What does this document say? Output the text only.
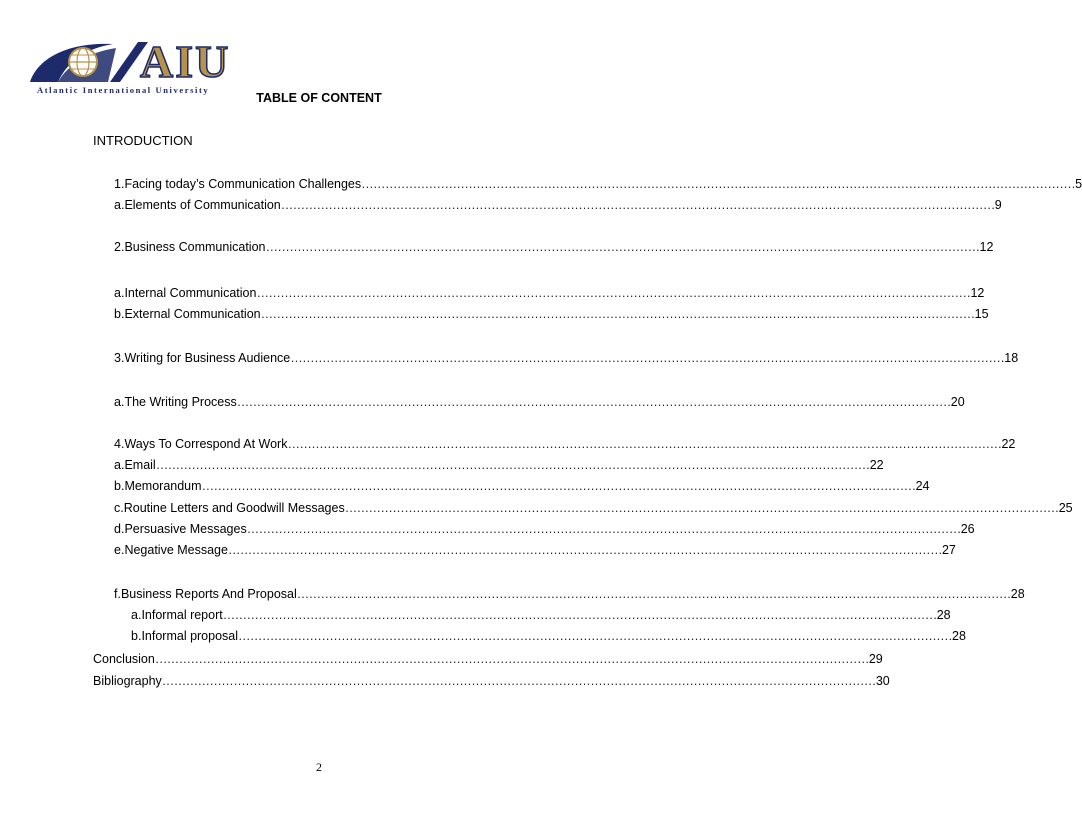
AIU
Atlantic International University
TABLE OF CONTENT
INTRODUCTION
1. Facing today’s Communication Challenges ……………………………………………………………………………………………………………………………………………………………… 5
a. Elements of Communication ……………………………………………………………………………………………………………………………………………………………… 9
2. Business Communication ……………………………………………………………………………………………………………………………………………………………… 12
a. Internal Communication ……………………………………………………………………………………………………………………………………………………………… 12
b. External Communication ……………………………………………………………………………………………………………………………………………………………… 15
3. Writing for Business Audience ……………………………………………………………………………………………………………………………………………………………… 18
a. The Writing Process ……………………………………………………………………………………………………………………………………………………………… 20
4. Ways To Correspond At Work ……………………………………………………………………………………………………………………………………………………………… 22
a. Email ……………………………………………………………………………………………………………………………………………………………… 22
b. Memorandum ……………………………………………………………………………………………………………………………………………………………… 24
c. Routine Letters and Goodwill Messages ……………………………………………………………………………………………………………………………………………………………… 25
d. Persuasive Messages ……………………………………………………………………………………………………………………………………………………………… 26
e. Negative Message ……………………………………………………………………………………………………………………………………………………………… 27
f. Business Reports And Proposal ……………………………………………………………………………………………………………………………………………………………… 28
a. Informal report ……………………………………………………………………………………………………………………………………………………………… 28
b. Informal proposal ……………………………………………………………………………………………………………………………………………………………… 28
Conclusion ……………………………………………………………………………………………………………………………………………………………… 29
Bibliography ……………………………………………………………………………………………………………………………………………………………… 30
2
